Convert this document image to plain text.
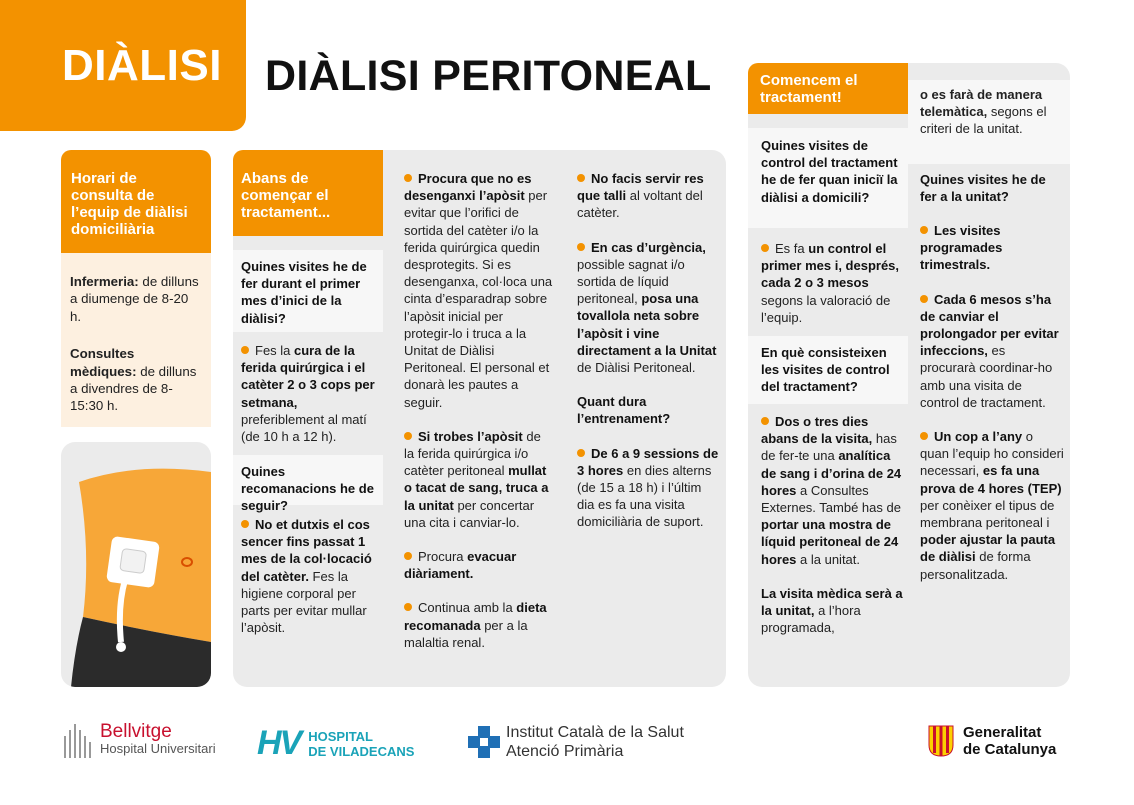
DIÀLISI DIÀLISI PERITONEAL
Horari de consulta de l’equip de diàlisi domiciliària

Infermeria: de dilluns a diumenge de 8-20 h.

Consultes mèdiques: de dilluns a divendres de 8-15:30 h.

Abans de començar el tractament...
Quines visites he de fer durant el primer mes d’inici de la diàlisi?

Fes la cura de la ferida quirúrgica i el catèter 2 o 3 cops per setmana, preferiblement al matí (de 10 h a 12 h).

Quines recomanacions he de seguir?

No et dutxis el cos sencer fins passat 1 mes de la col·locació del catèter. Fes la higiene corporal per parts per evitar mullar l’apòsit.

Procura que no es desenganxi l’apòsit per evitar que l’orifici de sortida del catèter i/o la ferida quirúrgica quedin desprotegits. Si es desenganxa, col·loca una cinta d’esparadrap sobre l’apòsit inicial per protegir-lo i truca a la Unitat de Diàlisi Peritoneal. El personal et donarà les pautes a seguir.

Si trobes l’apòsit de la ferida quirúrgica i/o catèter peritoneal mullat o tacat de sang, truca a la unitat per concertar una cita i canviar-lo.

Procura evacuar diàriament.

Continua amb la dieta recomanada per a la malaltia renal.

No facis servir res que talli al voltant del catèter.

En cas d’urgència, possible sagnat i/o sortida de líquid peritoneal, posa una tovallola neta sobre l’apòsit i vine directament a la Unitat de Diàlisi Peritoneal.

Quant dura l’entrenament?

De 6 a 9 sessions de 3 hores en dies alterns (de 15 a 18 h) i l’últim dia es fa una visita domiciliària de suport.

Comencem el tractament!
Quines visites de control del tractament he de fer quan iniciï la diàlisi a domicili?

Es fa un control el primer mes i, després, cada 2 o 3 mesos segons la valoració de l’equip.

En què consisteixen les visites de control del tractament?

Dos o tres dies abans de la visita, has de fer-te una analítica de sang i d’orina de 24 hores a Consultes Externes. També has de portar una mostra de líquid peritoneal de 24 hores a la unitat.

La visita mèdica serà a la unitat, a l’hora programada,

o es farà de manera telemàtica, segons el criteri de la unitat.
Quines visites he de fer a la unitat?

Les visites programades trimestrals.

Cada 6 mesos s’ha de canviar el prolongador per evitar infeccions, es procurarà coordinar-ho amb una visita de control de tractament.

Un cop a l’any o quan l’equip ho consideri necessari, es fa una prova de 4 hores (TEP) per conèixer el tipus de membrana peritoneal i poder ajustar la pauta de diàlisi de forma personalitzada.

Bellvitge
Hospital Universitari HV HOSPITAL
DE VILADECANS
Institut Català de la Salut
Atenció Primària
Generalitat
de Catalunya
